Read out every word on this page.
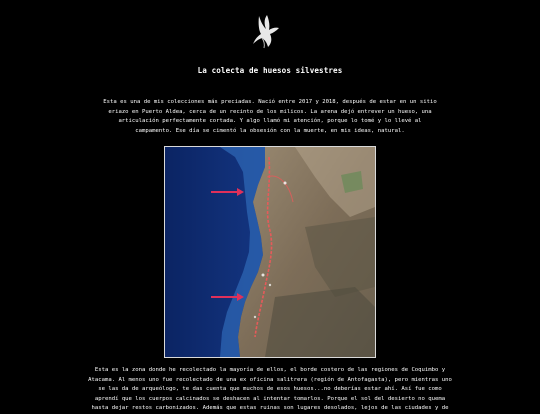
La colecta de huesos silvestres

Esta es una de mis colecciones más preciadas. Nació entre 2017 y 2018, después de estar en un sitio eriazo en Puerto Aldea, cerca de un recinto de los milicos. La arena dejó entrever un hueso, una articulación perfectamente cortada. Y algo llamó mi atención, porque lo tomé y lo llevé al campamento. Ese día se cimentó la obsesión con la muerte, en mis ideas, natural.

Esta es la zona donde he recolectado la mayoría de ellos, el borde costero de las regiones de Coquimbo y Atacama. Al menos uno fue recolectado de una ex oficina salitrera (región de Antofagasta), pero mientras uno se las da de arqueólogo, te das cuenta que muchos de esos huesos...no deberías estar ahí. Así fue como aprendí que los cuerpos calcinados se deshacen al intentar tomarlos. Porque el sol del desierto no quema hasta dejar restos carbonizados. Además que estas ruinas son lugares desolados, lejos de las ciudades y de
